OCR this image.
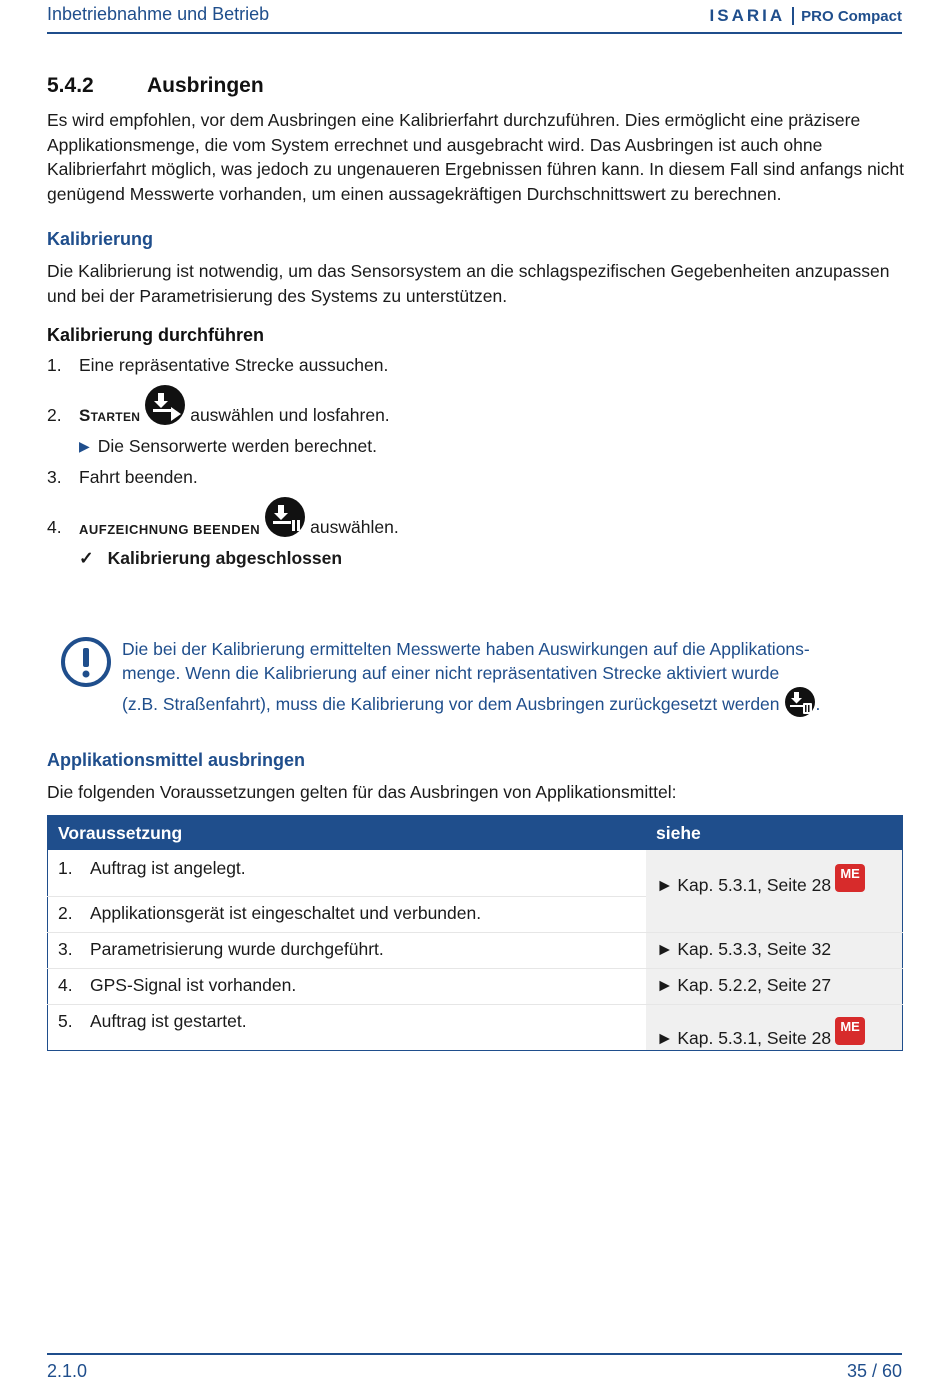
Inbetriebnahme und Betrieb	ISARIA PRO Compact
5.4.2	Ausbringen
Es wird empfohlen, vor dem Ausbringen eine Kalibrierfahrt durchzuführen. Dies ermöglicht eine präzisere Applikationsmenge, die vom System errechnet und ausgebracht wird. Das Ausbringen ist auch ohne Kalibrierfahrt möglich, was jedoch zu ungenaueren Ergebnissen führen kann. In diesem Fall sind anfangs nicht genügend Messwerte vorhanden, um einen aussagekräftigen Durchschnittswert zu berechnen.
Kalibrierung
Die Kalibrierung ist notwendig, um das Sensorsystem an die schlagspezifischen Gegebenheiten anzupassen und bei der Parametrisierung des Systems zu unterstützen.
Kalibrierung durchführen
1. Eine repräsentative Strecke aussuchen.
2.	Starten	auswählen und losfahren.
▶ Die Sensorwerte werden berechnet.
3. Fahrt beenden.
4.	AUFZEICHNUNG BEENDEN	auswählen.
✓ Kalibrierung abgeschlossen
Die bei der Kalibrierung ermittelten Messwerte haben Auswirkungen auf die Applikations-
menge. Wenn die Kalibrierung auf einer nicht repräsentativen Strecke aktiviert wurde
(z.B. Straßenfahrt), muss die Kalibrierung vor dem Ausbringen zurückgesetzt werden .
Applikationsmittel ausbringen
Die folgenden Voraussetzungen gelten für das Ausbringen von Applikationsmittel:
Voraussetzung	siehe
1. Auftrag ist angelegt.	► Kap. 5.3.1, Seite 28
ME

2. Applikationsgerät ist eingeschaltet und verbunden.	
3. Parametrisierung wurde durchgeführt.	► Kap. 5.3.3, Seite 32

4. GPS-Signal ist vorhanden.	► Kap. 5.2.2, Seite 27

5. Auftrag ist gestartet.	► Kap. 5.3.1, Seite 28
ME
2.1.0	35 / 60
